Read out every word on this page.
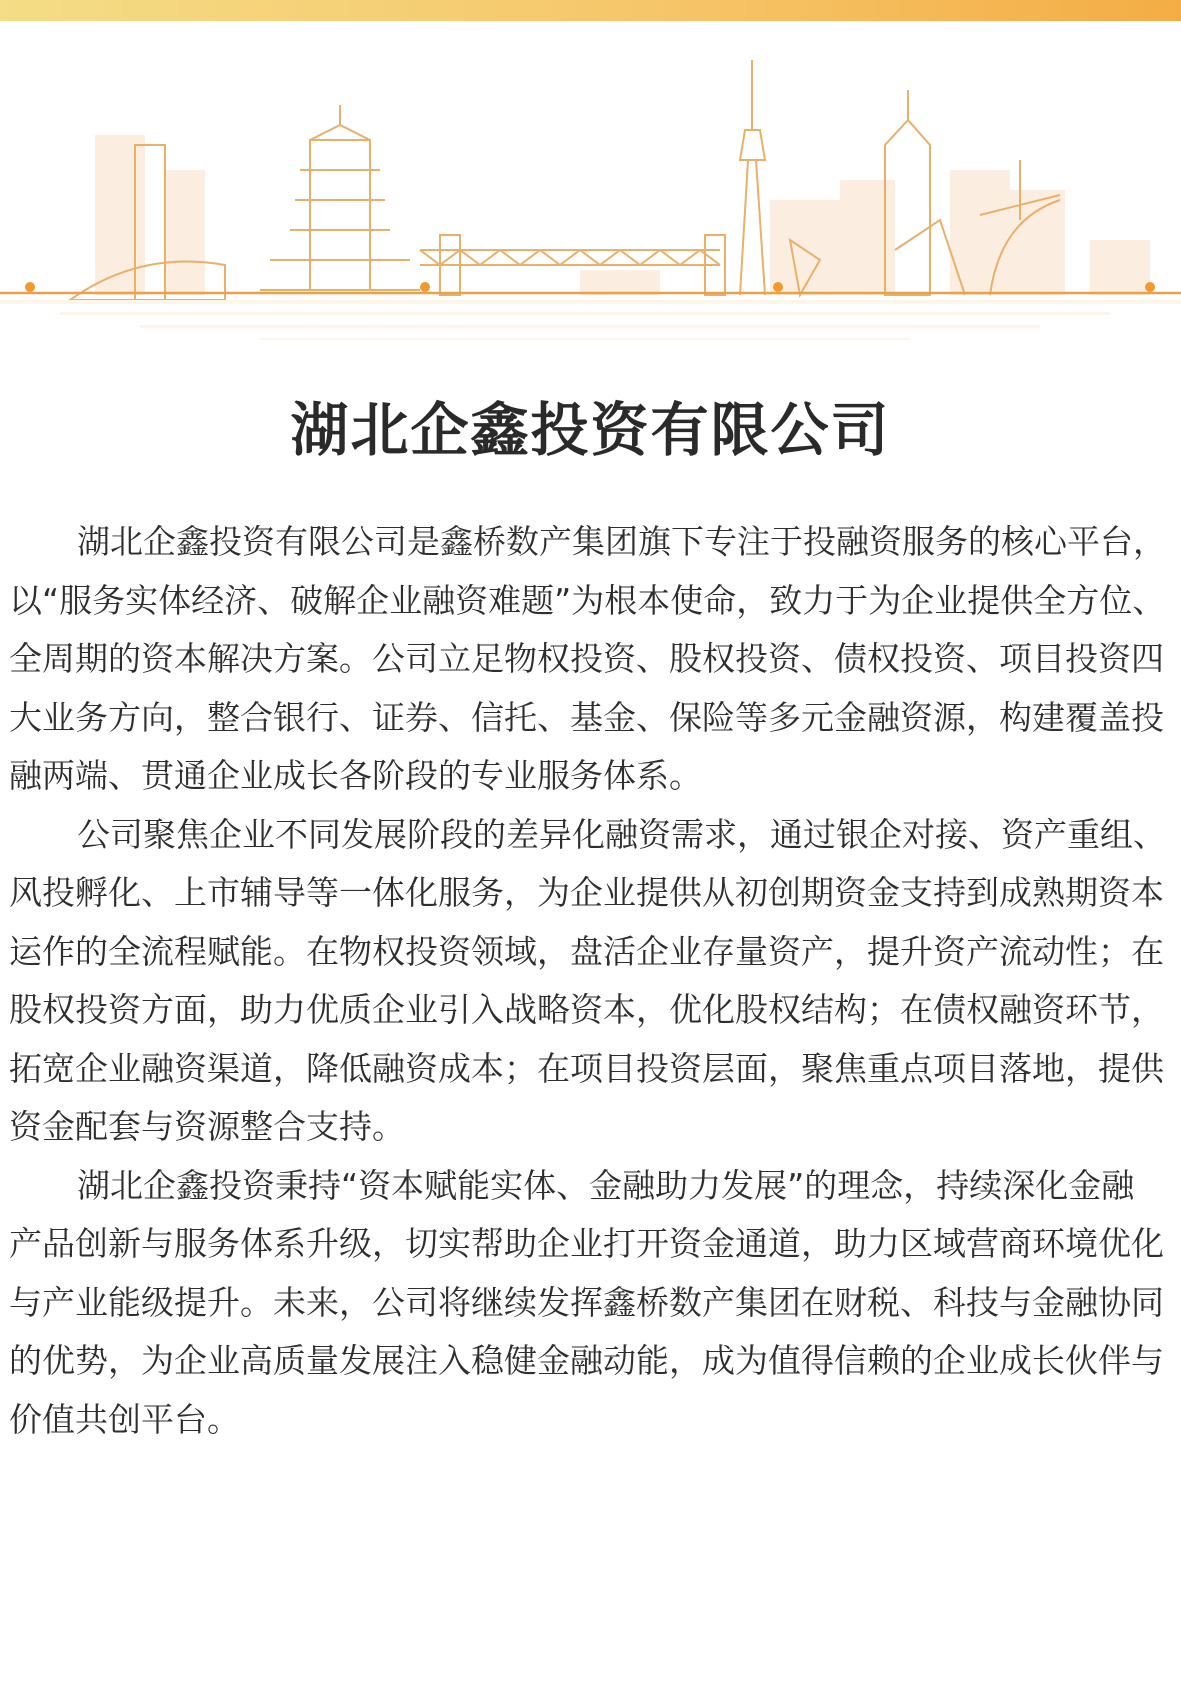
湖北企鑫投资有限公司
湖北企鑫投资有限公司是鑫桥数产集团旗下专注于投融资服务的核心平台，
以“服务实体经济、破解企业融资难题”为根本使命，致力于为企业提供全方位、
全周期的资本解决方案。公司立足物权投资、股权投资、债权投资、项目投资四
大业务方向，整合银行、证券、信托、基金、保险等多元金融资源，构建覆盖投
融两端、贯通企业成长各阶段的专业服务体系。
公司聚焦企业不同发展阶段的差异化融资需求，通过银企对接、资产重组、
风投孵化、上市辅导等一体化服务，为企业提供从初创期资金支持到成熟期资本
运作的全流程赋能。在物权投资领域，盘活企业存量资产，提升资产流动性；在
股权投资方面，助力优质企业引入战略资本，优化股权结构；在债权融资环节，
拓宽企业融资渠道，降低融资成本；在项目投资层面，聚焦重点项目落地，提供
资金配套与资源整合支持。
湖北企鑫投资秉持“资本赋能实体、金融助力发展”的理念，持续深化金融
产品创新与服务体系升级，切实帮助企业打开资金通道，助力区域营商环境优化
与产业能级提升。未来，公司将继续发挥鑫桥数产集团在财税、科技与金融协同
的优势，为企业高质量发展注入稳健金融动能，成为值得信赖的企业成长伙伴与
价值共创平台。
